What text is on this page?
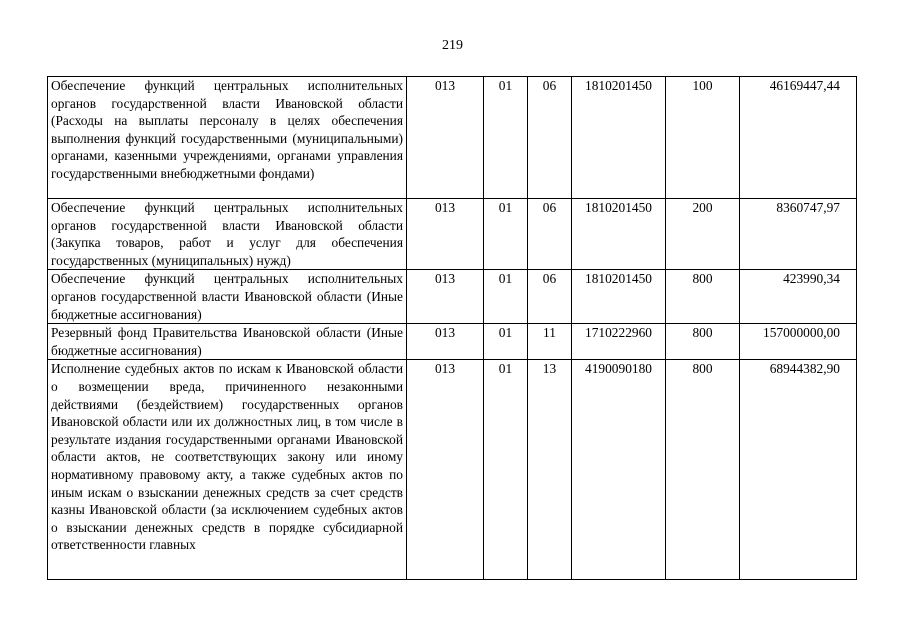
219
Обеспечение функций центральных исполнительных органов государственной власти Ивановской области (Расходы на выплаты персоналу в целях обеспечения выполнения функций государственными (муниципальными) органами, казенными учреждениями, органами управления государственными внебюджетными фондами)	013	01	06	1810201450	100	46169447,44
Обеспечение функций центральных исполнительных органов государственной власти Ивановской области (Закупка товаров, работ и услуг для обеспечения государственных (муниципальных) нужд)	013	01	06	1810201450	200	8360747,97
Обеспечение функций центральных исполнительных органов государственной власти Ивановской области (Иные бюджетные ассигнования)	013	01	06	1810201450	800	423990,34
Резервный фонд Правительства Ивановской области (Иные бюджетные ассигнования)	013	01	11	1710222960	800	157000000,00
Исполнение судебных актов по искам к Ивановской области о возмещении вреда, причиненного незаконными действиями (бездействием) государственных органов Ивановской области или их должностных лиц, в том числе в результате издания государственными органами Ивановской области актов, не соответствующих закону или иному нормативному правовому акту, а также судебных актов по иным искам о взыскании денежных средств за счет средств казны Ивановской области (за исключением судебных актов о взыскании денежных средств в порядке субсидиарной ответственности главных	013	01	13	4190090180	800	68944382,90
